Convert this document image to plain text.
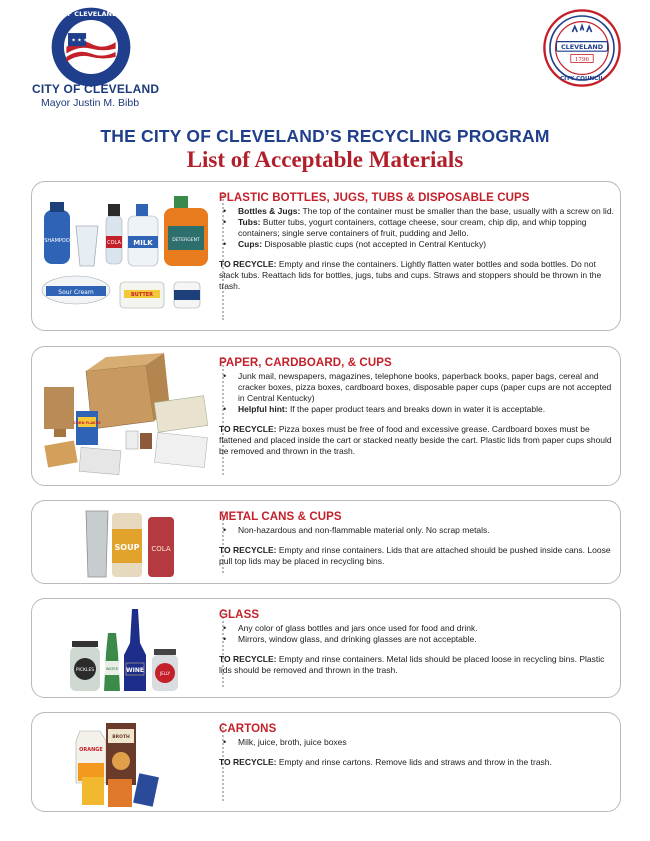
★ ★ ★
CITY OF CLEVELAND OHIO
CITY OF CLEVELAND
Mayor Justin M. Bibb
CLEVELAND
1796
CITY COUNCIL
THE CITY OF CLEVELAND’S RECYCLING PROGRAM
List of Acceptable Materials
SHAMPOO	COLA MILK	DETERGENT
Sour Cream	BUTTER
PLASTIC BOTTLES, JUGS, TUBS & DISPOSABLE CUPS
• Bottles & Jugs: The top of the container must be smaller than the base, usually with a screw on lid.
• Tubs: Butter tubs, yogurt containers, cottage cheese, sour cream, chip dip, and whip topping containers; single serve containers of fruit, pudding and Jello.
• Cups: Disposable plastic cups (not accepted in Central Kentucky)
TO RECYCLE: Empty and rinse the containers. Lightly flatten water bottles and soda bottles. Do not stack tubs. Reattach lids for bottles, jugs, tubs and cups. Straws and stoppers should be thrown in the trash.
CORN FLAKES
PAPER, CARDBOARD, & CUPS
• Junk mail, newspapers, magazines, telephone books, paperback books, paper bags, cereal and cracker boxes, pizza boxes, cardboard boxes, disposable paper cups (paper cups are not accepted in Central Kentucky)
• Helpful hint: If the paper product tears and breaks down in water it is acceptable.
TO RECYCLE: Pizza boxes must be free of food and excessive grease. Cardboard boxes must be flattened and placed inside the cart or stacked neatly beside the cart. Plastic lids from paper cups should be removed and thrown in the trash.
SOUP COLA
METAL CANS & CUPS
• Non-hazardous and non-flammable material only. No scrap metals.
TO RECYCLE: Empty and rinse containers. Lids that are attached should be pushed inside cans. Loose pull top lids may be placed in recycling bins.
PICKLES	WATER WINE	JELLY
GLASS
• Any color of glass bottles and jars once used for food and drink.
• Mirrors, window glass, and drinking glasses are not acceptable.
TO RECYCLE: Empty and rinse containers. Metal lids should be placed loose in recycling bins. Plastic lids should be removed and thrown in the trash.
ORANGE
BROTH
CARTONS
• Milk, juice, broth, juice boxes
TO RECYCLE: Empty and rinse cartons. Remove lids and straws and throw in the trash.
